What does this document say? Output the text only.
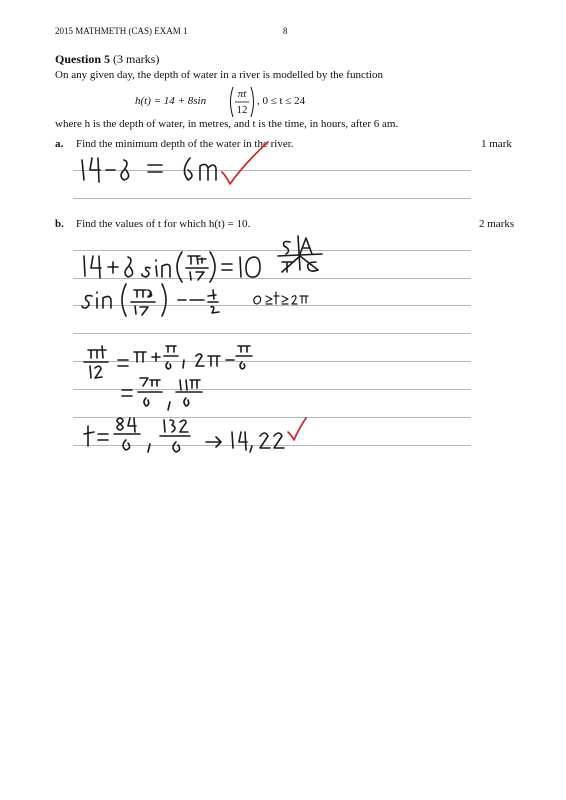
2015 MATHMETH (CAS) EXAM 1	8
Question 5 (3 marks)
On any given day, the depth of water in a river is modelled by the function
h(t) = 14 + 8sin
πt
12
, 0 ≤ t ≤ 24
where h is the depth of water, in metres, and t is the time, in hours, after 6 am.
a. Find the minimum depth of the water in the river.	1 mark
b. Find the values of t for which h(t) = 10.	2 marks
